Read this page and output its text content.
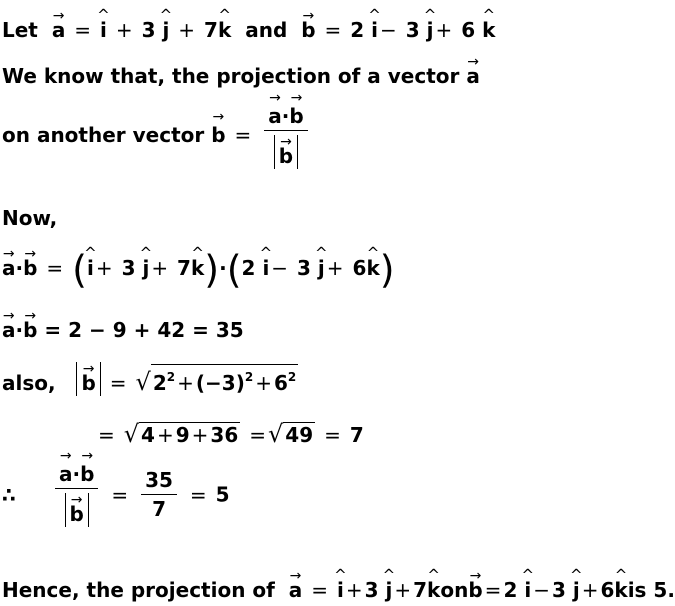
Let → a = ^ i + 3 ^ j + 7^ k and → b = 2 ^ i − 3 ^ j + 6 ^ k
We know that, the projection of a vector → a
on another vector → b = → a·→ b
→ b
Now,
→ a·→ b = (^ i + 3 ^ j + 7^ k)·(2 ^ i − 3 ^ j + 6^ k)
→ a·→ b = 2 − 9 + 42 = 35
also, → b = √ $2^2 + (-3)^2 + 6^2$
= √ 4 + 9 + 36 =√ 49 = 7
∴ → a·→ b
→ $b = \frac{35}{7} = 5$
Hence, the projection of → a = ^ i + 3 ^ j + 7^ kon→ b = 2 ^ i − 3 ^ j + 6^ kis 5.
